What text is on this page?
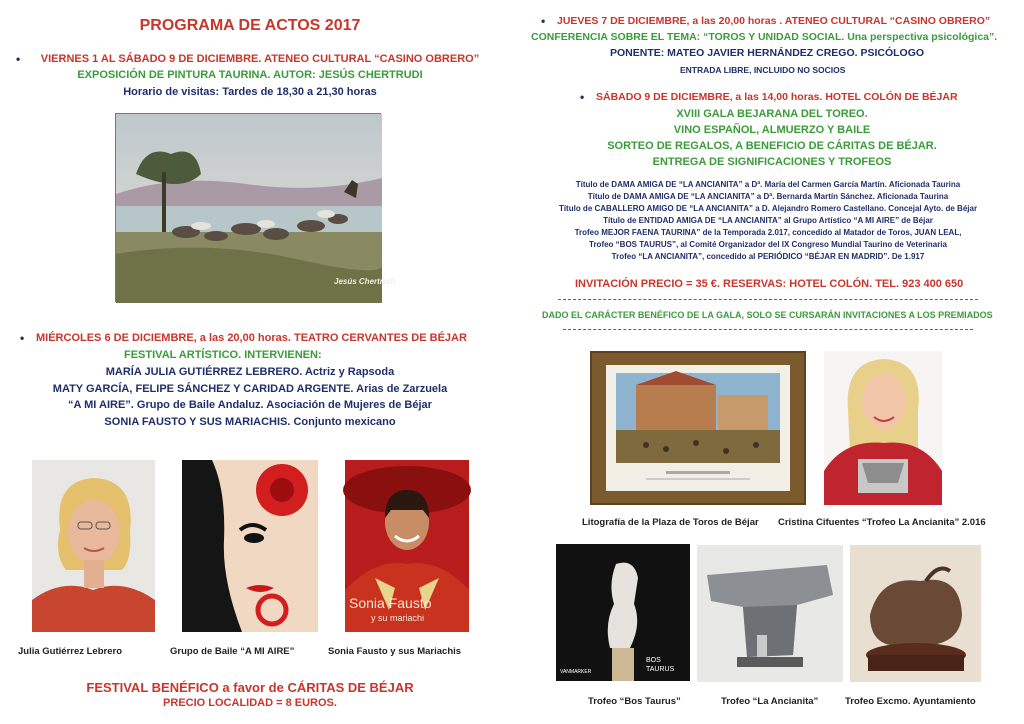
PROGRAMA DE ACTOS 2017
•	VIERNES 1 AL SÁBADO 9 DE DICIEMBRE. ATENEO CULTURAL “CASINO OBRERO”
EXPOSICIÓN DE PINTURA TAURINA. AUTOR: JESÚS CHERTRUDI
Horario de visitas: Tardes de 18,30 a 21,30 horas
Jesús Chertrudi
• MIÉRCOLES 6 DE DICIEMBRE, a las 20,00 horas. TEATRO CERVANTES DE BÉJAR
FESTIVAL ARTÍSTICO. INTERVIENEN:
MARÍA JULIA GUTIÉRREZ LEBRERO. Actriz y Rapsoda
MATY GARCÍA, FELIPE SÁNCHEZ Y CARIDAD ARGENTE. Arias de Zarzuela
“A MI AIRE”. Grupo de Baile Andaluz. Asociación de Mujeres de Béjar
SONIA FAUSTO Y SUS MARIACHIS. Conjunto mexicano
Sonia Fausto
y su mariachi
Julia Gutiérrez Lebrero	Grupo de Baile “A MI AIRE”	Sonia Fausto y sus Mariachis
FESTIVAL BENÉFICO a favor de CÁRITAS DE BÉJAR
PRECIO LOCALIDAD = 8 EUROS.
• JUEVES 7 DE DICIEMBRE, a las 20,00 horas . ATENEO CULTURAL “CASINO OBRERO”
CONFERENCIA SOBRE EL TEMA: “TOROS Y UNIDAD SOCIAL. Una perspectiva psicológica”.
PONENTE: MATEO JAVIER HERNÁNDEZ CREGO. PSICÓLOGO
ENTRADA LIBRE, INCLUIDO NO SOCIOS
• SÁBADO 9 DE DICIEMBRE, a las 14,00 horas. HOTEL COLÓN DE BÉJAR
XVIII GALA BEJARANA DEL TOREO.
VINO ESPAÑOL, ALMUERZO Y BAILE
SORTEO DE REGALOS, A BENEFICIO DE CÁRITAS DE BÉJAR.
ENTREGA DE SIGNIFICACIONES Y TROFEOS
Título de DAMA AMIGA DE “LA ANCIANITA” a Dª. María del Carmen García Martín. Aficionada Taurina
Título de DAMA AMIGA DE “LA ANCIANITA” a Dª. Bernarda Martín Sánchez. Aficionada Taurina
Título de CABALLERO AMIGO DE “LA ANCIANITA” a D. Alejandro Romero Castellano. Concejal Ayto. de Béjar
Título de ENTIDAD AMIGA DE “LA ANCIANITA” al Grupo Artístico “A MI AIRE” de Béjar
Trofeo MEJOR FAENA TAURINA” de la Temporada 2.017, concedido al Matador de Toros, JUAN LEAL,
Trofeo “BOS TAURUS”, al Comité Organizador del IX Congreso Mundial Taurino de Veterinaria
Trofeo “LA ANCIANITA”, concedido al PERIÓDICO “BÉJAR EN MADRID”. De 1.917
INVITACIÓN PRECIO = 35 €. RESERVAS: HOTEL COLÓN. TEL. 923 400 650
DADO EL CARÁCTER BENÉFICO DE LA GALA, SOLO SE CURSARÁN INVITACIONES A LOS PREMIADOS
Litografía de la Plaza de Toros de Béjar Cristina Cifuentes “Trofeo La Ancianita” 2.016
BOS TAURUS
VANMARKER
Trofeo “Bos Taurus”	Trofeo “La Ancianita”	Trofeo Excmo. Ayuntamiento
